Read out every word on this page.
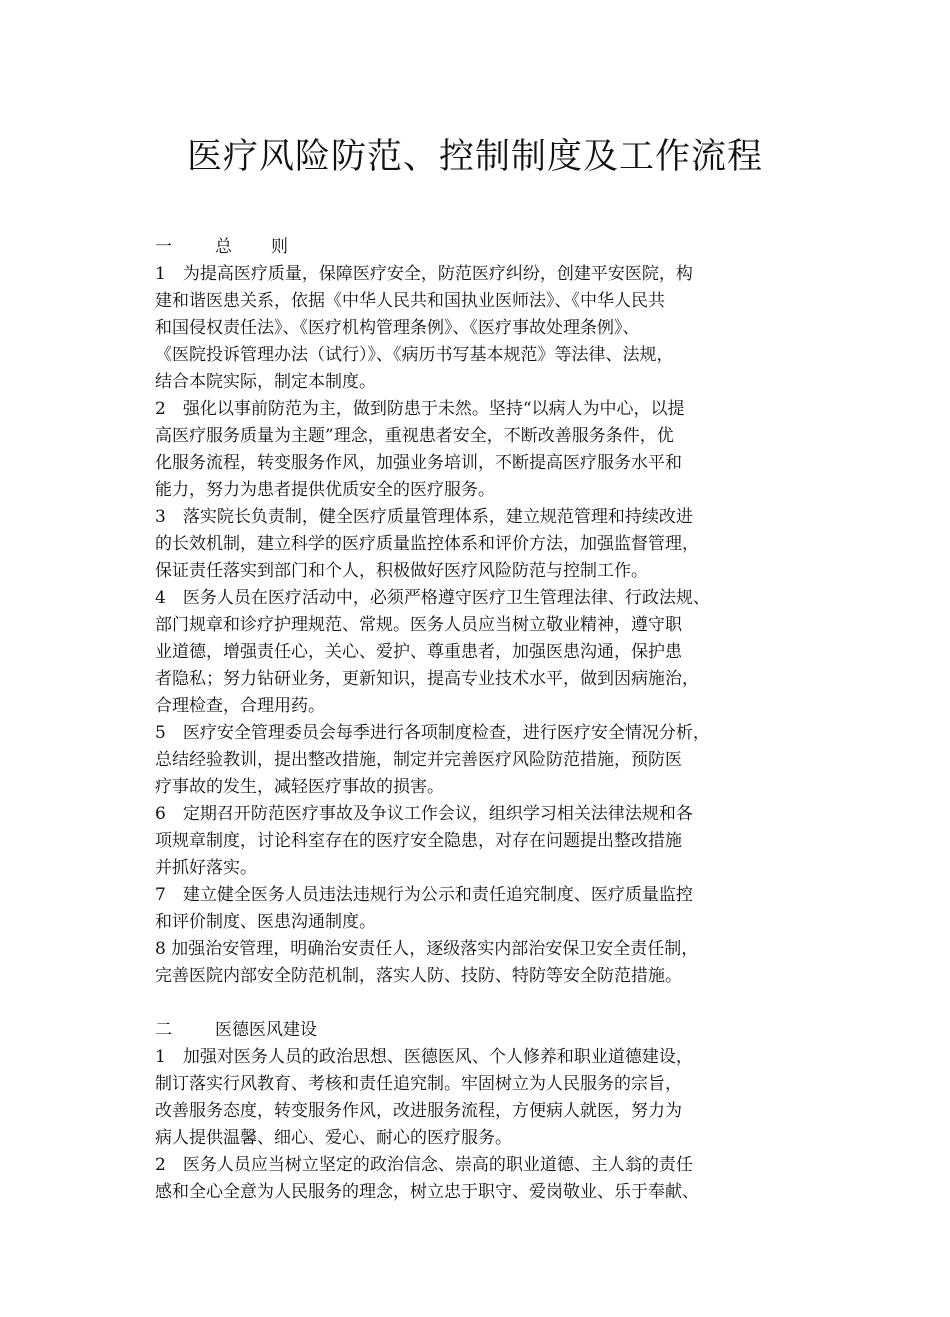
医疗风险防范、控制制度及工作流程
一	总 则
1　为提高医疗质量，保障医疗安全，防范医疗纠纷，创建平安医院，构
建和谐医患关系，依据《中华人民共和国执业医师法》、《中华人民共
和国侵权责任法》、《医疗机构管理条例》、《医疗事故处理条例》、
《医院投诉管理办法（试行）》、《病历书写基本规范》等法律、法规，
结合本院实际，制定本制度。
2　强化以事前防范为主，做到防患于未然。坚持“以病人为中心，以提
高医疗服务质量为主题”理念，重视患者安全，不断改善服务条件，优
化服务流程，转变服务作风，加强业务培训，不断提高医疗服务水平和
能力，努力为患者提供优质安全的医疗服务。
3　落实院长负责制，健全医疗质量管理体系，建立规范管理和持续改进
的长效机制，建立科学的医疗质量监控体系和评价方法，加强监督管理，
保证责任落实到部门和个人，积极做好医疗风险防范与控制工作。
4　医务人员在医疗活动中，必须严格遵守医疗卫生管理法律、行政法规、
部门规章和诊疗护理规范、常规。医务人员应当树立敬业精神，遵守职
业道德，增强责任心，关心、爱护、尊重患者，加强医患沟通，保护患
者隐私；努力钻研业务，更新知识，提高专业技术水平，做到因病施治，
合理检查，合理用药。
5　医疗安全管理委员会每季进行各项制度检查，进行医疗安全情况分析，
总结经验教训，提出整改措施，制定并完善医疗风险防范措施，预防医
疗事故的发生，减轻医疗事故的损害。
6　定期召开防范医疗事故及争议工作会议，组织学习相关法律法规和各
项规章制度，讨论科室存在的医疗安全隐患，对存在问题提出整改措施
并抓好落实。
7　建立健全医务人员违法违规行为公示和责任追究制度、医疗质量监控
和评价制度、医患沟通制度。
8 加强治安管理，明确治安责任人，逐级落实内部治安保卫安全责任制，
完善医院内部安全防范机制，落实人防、技防、特防等安全防范措施。
二	医德医风建设
1　加强对医务人员的政治思想、医德医风、个人修养和职业道德建设，
制订落实行风教育、考核和责任追究制。牢固树立为人民服务的宗旨，
改善服务态度，转变服务作风，改进服务流程，方便病人就医，努力为
病人提供温馨、细心、爱心、耐心的医疗服务。
2　医务人员应当树立坚定的政治信念、崇高的职业道德、主人翁的责任
感和全心全意为人民服务的理念，树立忠于职守、爱岗敬业、乐于奉献、
